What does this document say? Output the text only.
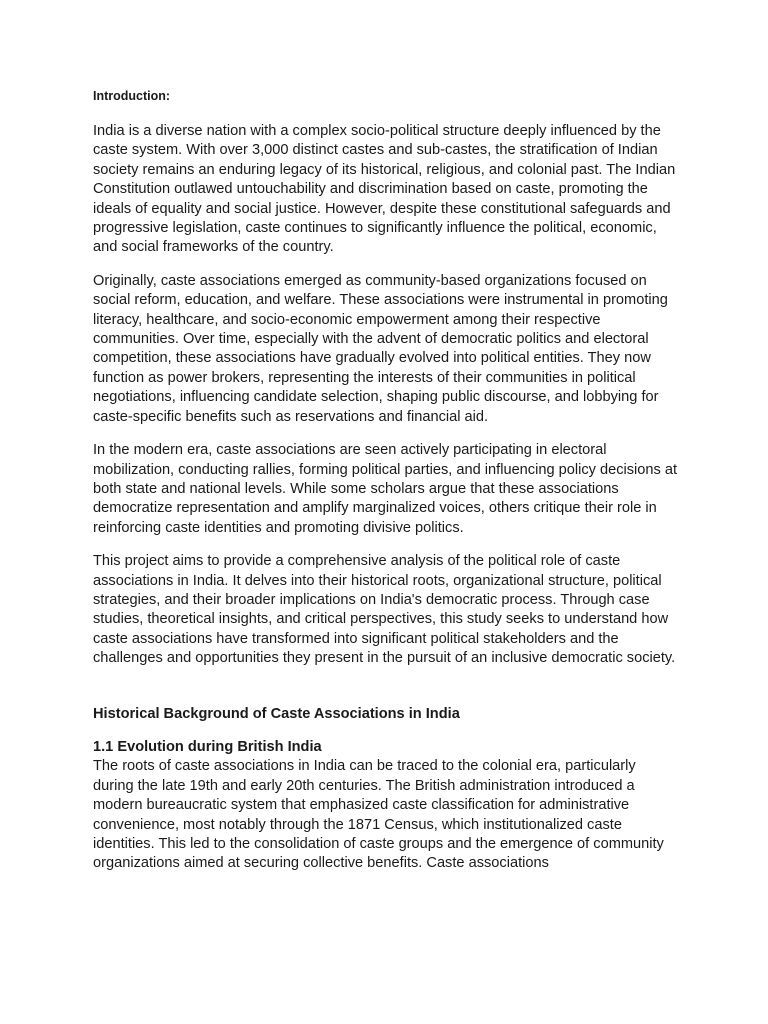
Introduction:

India is a diverse nation with a complex socio-political structure deeply influenced by the caste system. With over 3,000 distinct castes and sub-castes, the stratification of Indian society remains an enduring legacy of its historical, religious, and colonial past. The Indian Constitution outlawed untouchability and discrimination based on caste, promoting the ideals of equality and social justice. However, despite these constitutional safeguards and progressive legislation, caste continues to significantly influence the political, economic, and social frameworks of the country.

Originally, caste associations emerged as community-based organizations focused on social reform, education, and welfare. These associations were instrumental in promoting literacy, healthcare, and socio-economic empowerment among their respective communities. Over time, especially with the advent of democratic politics and electoral competition, these associations have gradually evolved into political entities. They now function as power brokers, representing the interests of their communities in political negotiations, influencing candidate selection, shaping public discourse, and lobbying for caste-specific benefits such as reservations and financial aid.

In the modern era, caste associations are seen actively participating in electoral mobilization, conducting rallies, forming political parties, and influencing policy decisions at both state and national levels. While some scholars argue that these associations democratize representation and amplify marginalized voices, others critique their role in reinforcing caste identities and promoting divisive politics.

This project aims to provide a comprehensive analysis of the political role of caste associations in India. It delves into their historical roots, organizational structure, political strategies, and their broader implications on India's democratic process. Through case studies, theoretical insights, and critical perspectives, this study seeks to understand how caste associations have transformed into significant political stakeholders and the challenges and opportunities they present in the pursuit of an inclusive democratic society.

Historical Background of Caste Associations in India
1.1 Evolution during British India

The roots of caste associations in India can be traced to the colonial era, particularly during the late 19th and early 20th centuries. The British administration introduced a modern bureaucratic system that emphasized caste classification for administrative convenience, most notably through the 1871 Census, which institutionalized caste identities. This led to the consolidation of caste groups and the emergence of community organizations aimed at securing collective benefits. Caste associations
